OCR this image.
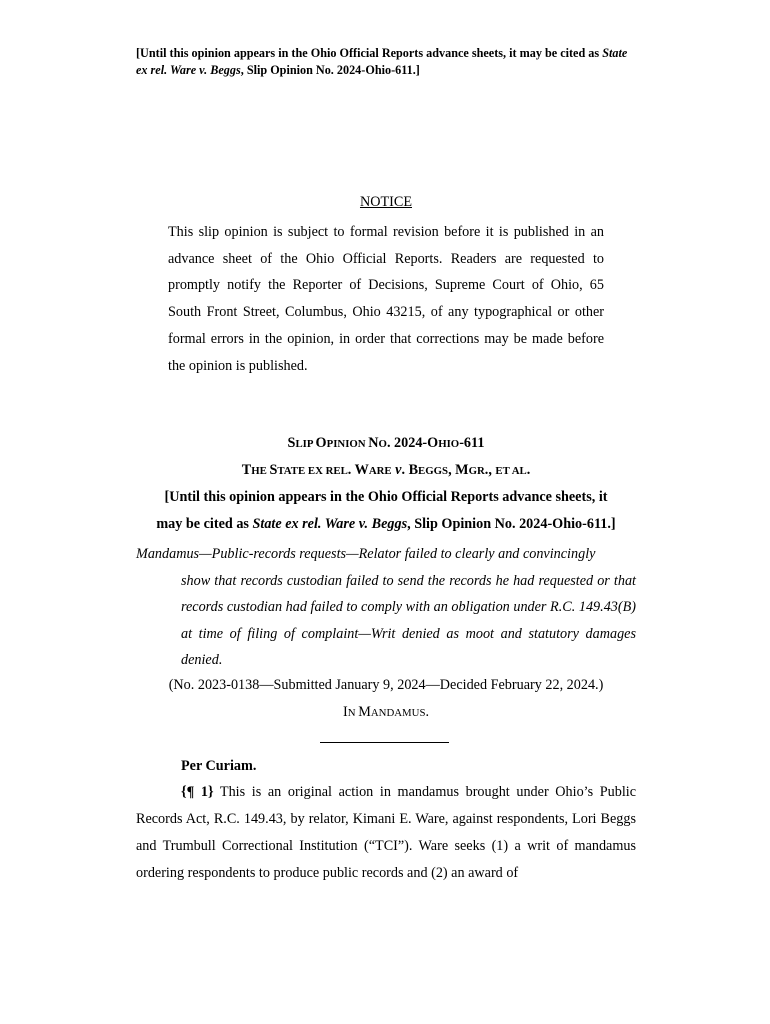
[Until this opinion appears in the Ohio Official Reports advance sheets, it may be cited as State ex rel. Ware v. Beggs, Slip Opinion No. 2024-Ohio-611.]

NOTICE

This slip opinion is subject to formal revision before it is published in an advance sheet of the Ohio Official Reports. Readers are requested to promptly notify the Reporter of Decisions, Supreme Court of Ohio, 65 South Front Street, Columbus, Ohio 43215, of any typographical or other formal errors in the opinion, in order that corrections may be made before the opinion is published.

SLIP OPINION NO. 2024-OHIO-611
THE STATE EX REL. WARE v. BEGGS, MGR., ET AL.
[Until this opinion appears in the Ohio Official Reports advance sheets, it
may be cited as State ex rel. Ware v. Beggs, Slip Opinion No. 2024-Ohio-611.]

Mandamus—Public-records requests—Relator failed to clearly and convincingly

show that records custodian failed to send the records he had requested or that records custodian had failed to comply with an obligation under R.C. 149.43(B) at time of filing of complaint—Writ denied as moot and statutory damages denied.

(No. 2023-0138—Submitted January 9, 2024—Decided February 22, 2024.)
IN MANDAMUS.
Per Curiam.

{¶ 1} This is an original action in mandamus brought under Ohio’s Public Records Act, R.C. 149.43, by relator, Kimani E. Ware, against respondents, Lori Beggs and Trumbull Correctional Institution (“TCI”). Ware seeks (1) a writ of mandamus ordering respondents to produce public records and (2) an award of
